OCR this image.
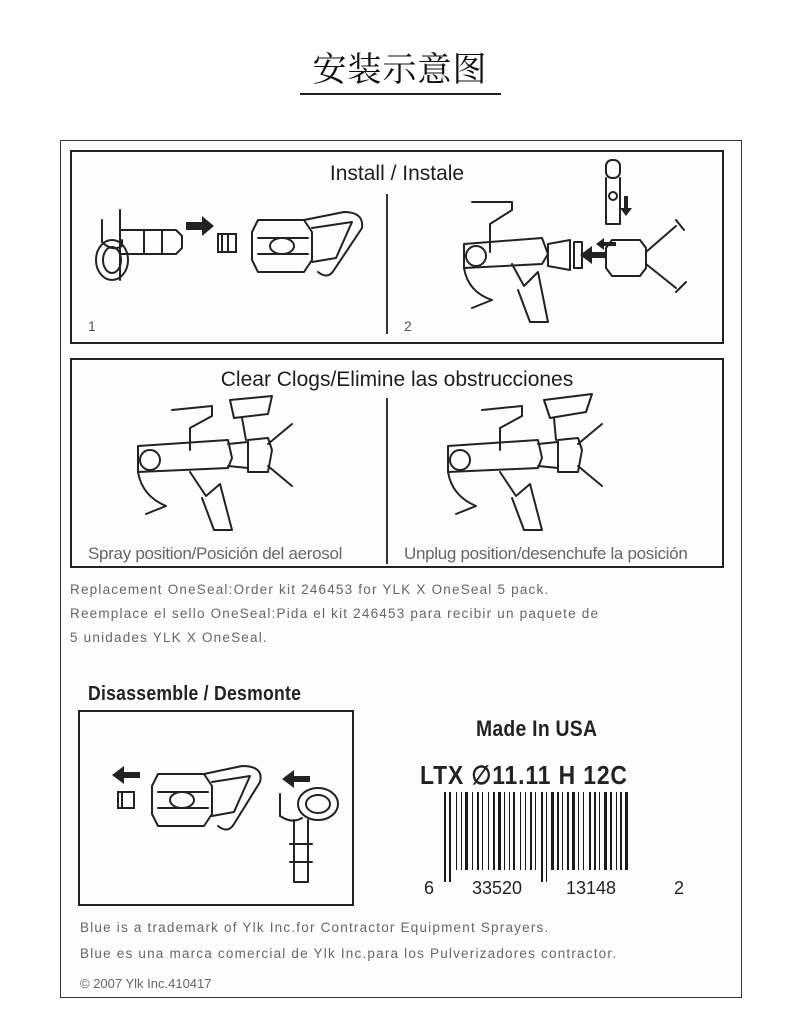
安装示意图
Install / Instale
1	2
Clear Clogs/Elimine las obstrucciones
Spray position/Posición del aerosol	Unplug position/desenchufe la posición
Replacement OneSeal:Order kit 246453 for YLK X OneSeal 5 pack.
Reemplace el sello OneSeal:Pida el kit 246453 para recibir un paquete de
5 unidades YLK X OneSeal.
Disassemble / Desmonte
Made In USA
LTX ∅11.11 H 12C
6 33520 13148	2
Blue is a trademark of Ylk Inc.for Contractor Equipment Sprayers.
Blue es una marca comercial de Ylk Inc.para los Pulverizadores contractor.
© 2007 Ylk Inc.410417
